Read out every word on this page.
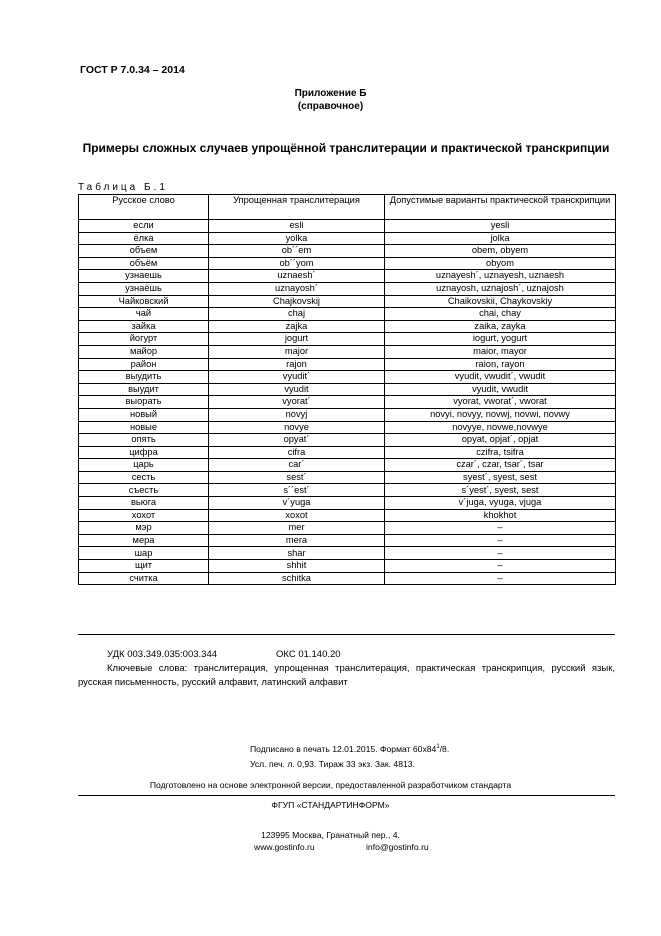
ГОСТ Р 7.0.34 – 2014
Приложение Б
(справочное)
Примеры сложных случаев упрощённой транслитерации и практической транскрипции
Таблица Б.1
Русское слово	Упрощенная транслитерация	Допустимые варианты практической транскрипции
если	esli	yesli
ёлка	yolka	jolka
объем	ob´´em	obem, obyem
объём	ob´´yom	obyom
узнаешь	uznaesh´	uznayesh´, uznayesh, uznaesh
узнаёшь	uznayosh´	uznayosh, uznajosh´, uznajosh
Чайковский	Chajkovskij	Chaikovskii, Chaykovskiy
чай	chaj	chai, chay
зайка	zajka	zaika, zayka
йогурт	jogurt	iogurt, yogurt
майор	major	maior, mayor
район	rajon	raion, rayon
выудить	vyudit´	vyudit, vwudit´, vwudit
выудит	vyudit	vyudit, vwudit
выорать	vyorat´	vyorat, vworat´, vworat
новый	novyj	novyi, novyy, novwj, novwi, novwy
новые	novye	novyye, novwe,novwye
опять	opyat´	opyat, opjat´, opjat
цифра	cifra	czifra, tsifra
царь	car´	czar´, czar, tsar´, tsar
сесть	sest´	syest´, syest, sest
съесть	s´´est´	s´yest´, syest, sest
вьюга	v´yuga	v´juga, vyuga, vjuga
хохот	xoxot	khokhot
мэр	mer	–
мера	mera	–
шар	shar	–
щит	shhit	–
считка	schitka	–
УДК 003.349.035:003.344	ОКС 01.140.20
Ключевые слова: транслитерация, упрощенная транслитерация, практическая транскрипция, русский язык, русская письменность, русский алфавит, латинский алфавит
Подписано в печать 12.01.2015. Формат $60х84^1/8$.
Усл. печ. л. 0,93. Тираж 33 экз. Зак. 4813.
Подготовлено на основе электронной версии, предоставленной разработчиком стандарта
ФГУП «СТАНДАРТИНФОРМ»
123995 Москва, Гранатный пер., 4.
www.gostinfo.ru	info@gostinfo.ru
